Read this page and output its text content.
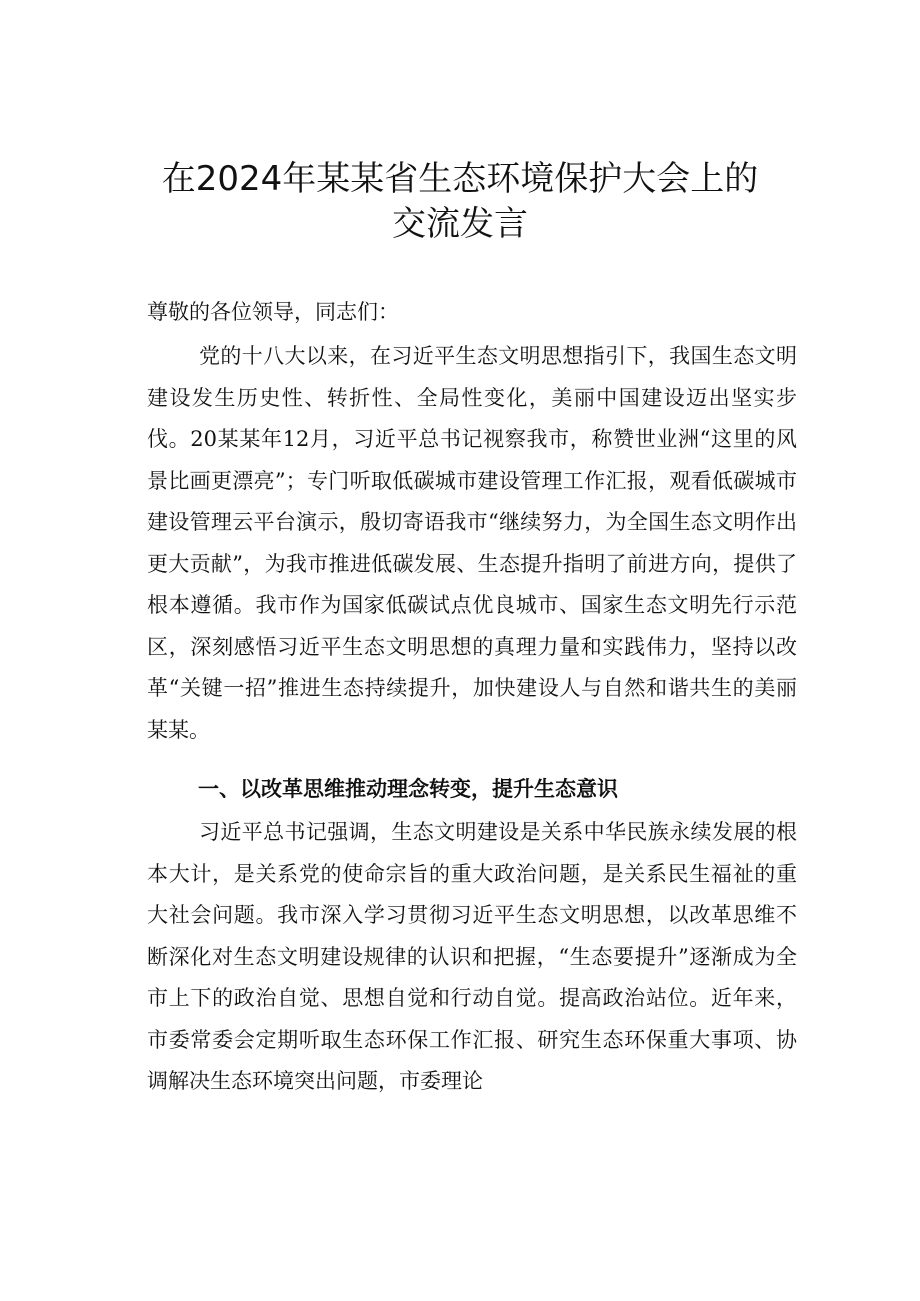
在2024年某某省生态环境保护大会上的
交流发言

尊敬的各位领导，同志们：

党的十八大以来，在习近平生态文明思想指引下，我国生态文明建设发生历史性、转折性、全局性变化，美丽中国建设迈出坚实步伐。20某某年12月，习近平总书记视察我市，称赞世业洲“这里的风景比画更漂亮”；专门听取低碳城市建设管理工作汇报，观看低碳城市建设管理云平台演示，殷切寄语我市“继续努力，为全国生态文明作出更大贡献”，为我市推进低碳发展、生态提升指明了前进方向，提供了根本遵循。我市作为国家低碳试点优良城市、国家生态文明先行示范区，深刻感悟习近平生态文明思想的真理力量和实践伟力，坚持以改革“关键一招”推进生态持续提升，加快建设人与自然和谐共生的美丽某某。

一、以改革思维推动理念转变，提升生态意识

习近平总书记强调，生态文明建设是关系中华民族永续发展的根本大计，是关系党的使命宗旨的重大政治问题，是关系民生福祉的重大社会问题。我市深入学习贯彻习近平生态文明思想，以改革思维不断深化对生态文明建设规律的认识和把握，“生态要提升”逐渐成为全市上下的政治自觉、思想自觉和行动自觉。提高政治站位。近年来，市委常委会定期听取生态环保工作汇报、研究生态环保重大事项、协调解决生态环境突出问题，市委理论
